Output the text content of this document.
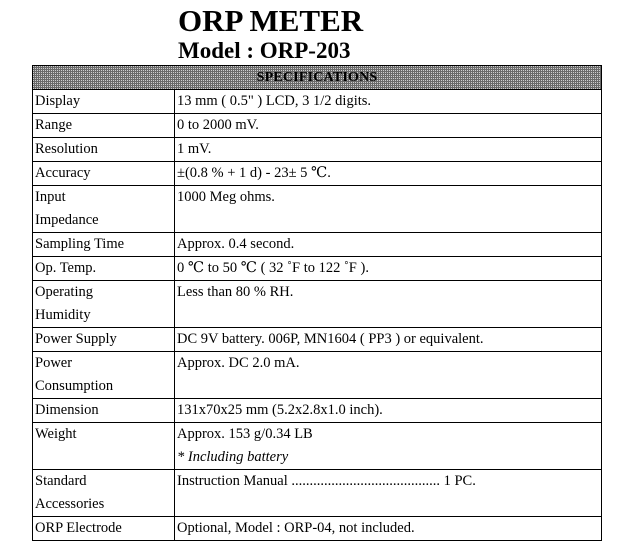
ORP METER
Model : ORP-203
SPECIFICATIONS	

Display	13 mm ( 0.5" ) LCD, 3 1/2 digits.

Range	0 to 2000 mV.

Resolution	1 mV.

Accuracy	±(0.8 % + 1 d) - 23± 5 ℃.

Input
Impedance	1000 Meg ohms.

Sampling Time	Approx. 0.4 second.

Op. Temp.	0 ℃ to 50 ℃ ( 32 ˚F to 122 ˚F ).

Operating
Humidity	Less than 80 % RH.

Power Supply	DC 9V battery. 006P, MN1604 ( PP3 ) or equivalent.

Power
Consumption	Approx. DC 2.0 mA.

Dimension	131x70x25 mm (5.2x2.8x1.0 inch).

Weight	Approx. 153 g/0.34 LB
* Including battery

Standard
Accessories	Instruction Manual ......................................... 1 PC.

ORP Electrode	Optional, Model : ORP-04, not included.
